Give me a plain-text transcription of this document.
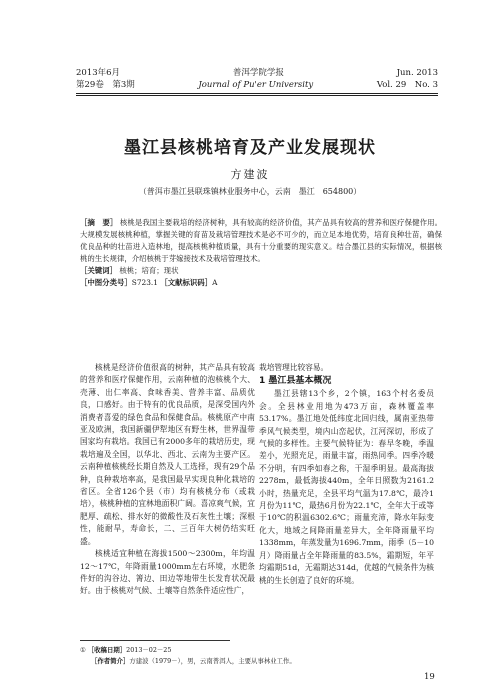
2013年6月	普洱学院学报	Jun. 2013
第29卷　第3期	Journal of Pu'er University	Vol. 29　No. 3
墨江县核桃培育及产业发展现状
方建波
（普洱市墨江县联珠镇林业服务中心，云南　墨江　654800）

［摘　要］ 核桃是我国主要栽培的经济树种，具有较高的经济价值，其产品具有较高的营养和医疗保健作用。大规模发展核桃种植，掌握关键的育苗及栽培管理技术是必不可少的，而立足本地优势，培育良种壮苗，确保优良品种的壮苗进入造林地，提高核桃种植质量，具有十分重要的现实意义。结合墨江县的实际情况，根据核桃的生长规律，介绍核桃于芽嫁接技术及栽培管理技术。

［关键词］ 核桃；培育；现状

［中图分类号］S723.1 ［文献标识码］A

核桃是经济价值很高的树种，其产品具有较高的营养和医疗保健作用，云南种植的泡核桃个大、壳薄、出仁率高、食味香美、营养丰富、品质优良，口感好。由于特有的优良品质，是深受国内外消费者喜爱的绿色食品和保健食品。核桃原产中南亚及欧洲，我国新疆伊犁地区有野生林，世界温带国家均有栽培。我国已有2000多年的栽培历史，现栽培遍及全国，以华北、西北、云南为主要产区。云南种植核桃经长期自然及人工选择，现有29个品种，良种栽培率高，是我国最早实现良种化栽培的省区。全省126个县（市）均有核桃分布（或栽培），核桃种植的宜林地面积广阔。喜凉爽气候，宜肥厚、疏松、排水好的微酸性及石灰性土壤；深根性，能耐旱，寿命长，二、三百年大树仍结实旺盛。

核桃适宜种植在海拔1500～2300m，年均温12～17℃，年降雨量1000mm左右环境，水肥条件好的沟谷边、箐边、田边等地带生长发育状况最好。由于核桃对气候、土壤等自然条件适应性广，

栽培管理比较容易。

1 墨江县基本概况

墨江县辖13个乡，2个镇，163个村名委员会。全县林业用地为473万亩，森林覆盖率53.17%。墨江地处低纬度北回归线，属南亚热带季风气候类型，境内山峦起伏，江河深切，形成了气候的多样性。主要气候特征为：春早冬晚，季温差小，光照充足，雨量丰富，雨热同季。四季冷暖不分明，有四季如春之称，干湿季明显。最高海拔2278m，最低海拔440m，全年日照数为2161.2小时，热量充足，全县平均气温为17.8℃，最冷1月份为11℃，最热6月份为22.1℃，全年大于或等于10℃的积温6302.6℃；雨量充沛，降水年际变化大，地域之间降雨量差异大，全年降雨量平均1338mm，年蒸发量为1696.7mm，雨季（5－10月）降雨量占全年降雨量的83.5%，霜期短，年平均霜期51d，无霜期达314d，优越的气候条件为核桃的生长创造了良好的环境。

① ［收稿日期］2013－02－25
［作者简介］方建波（1979－），男，云南普洱人，主要从事林业工作。
19
